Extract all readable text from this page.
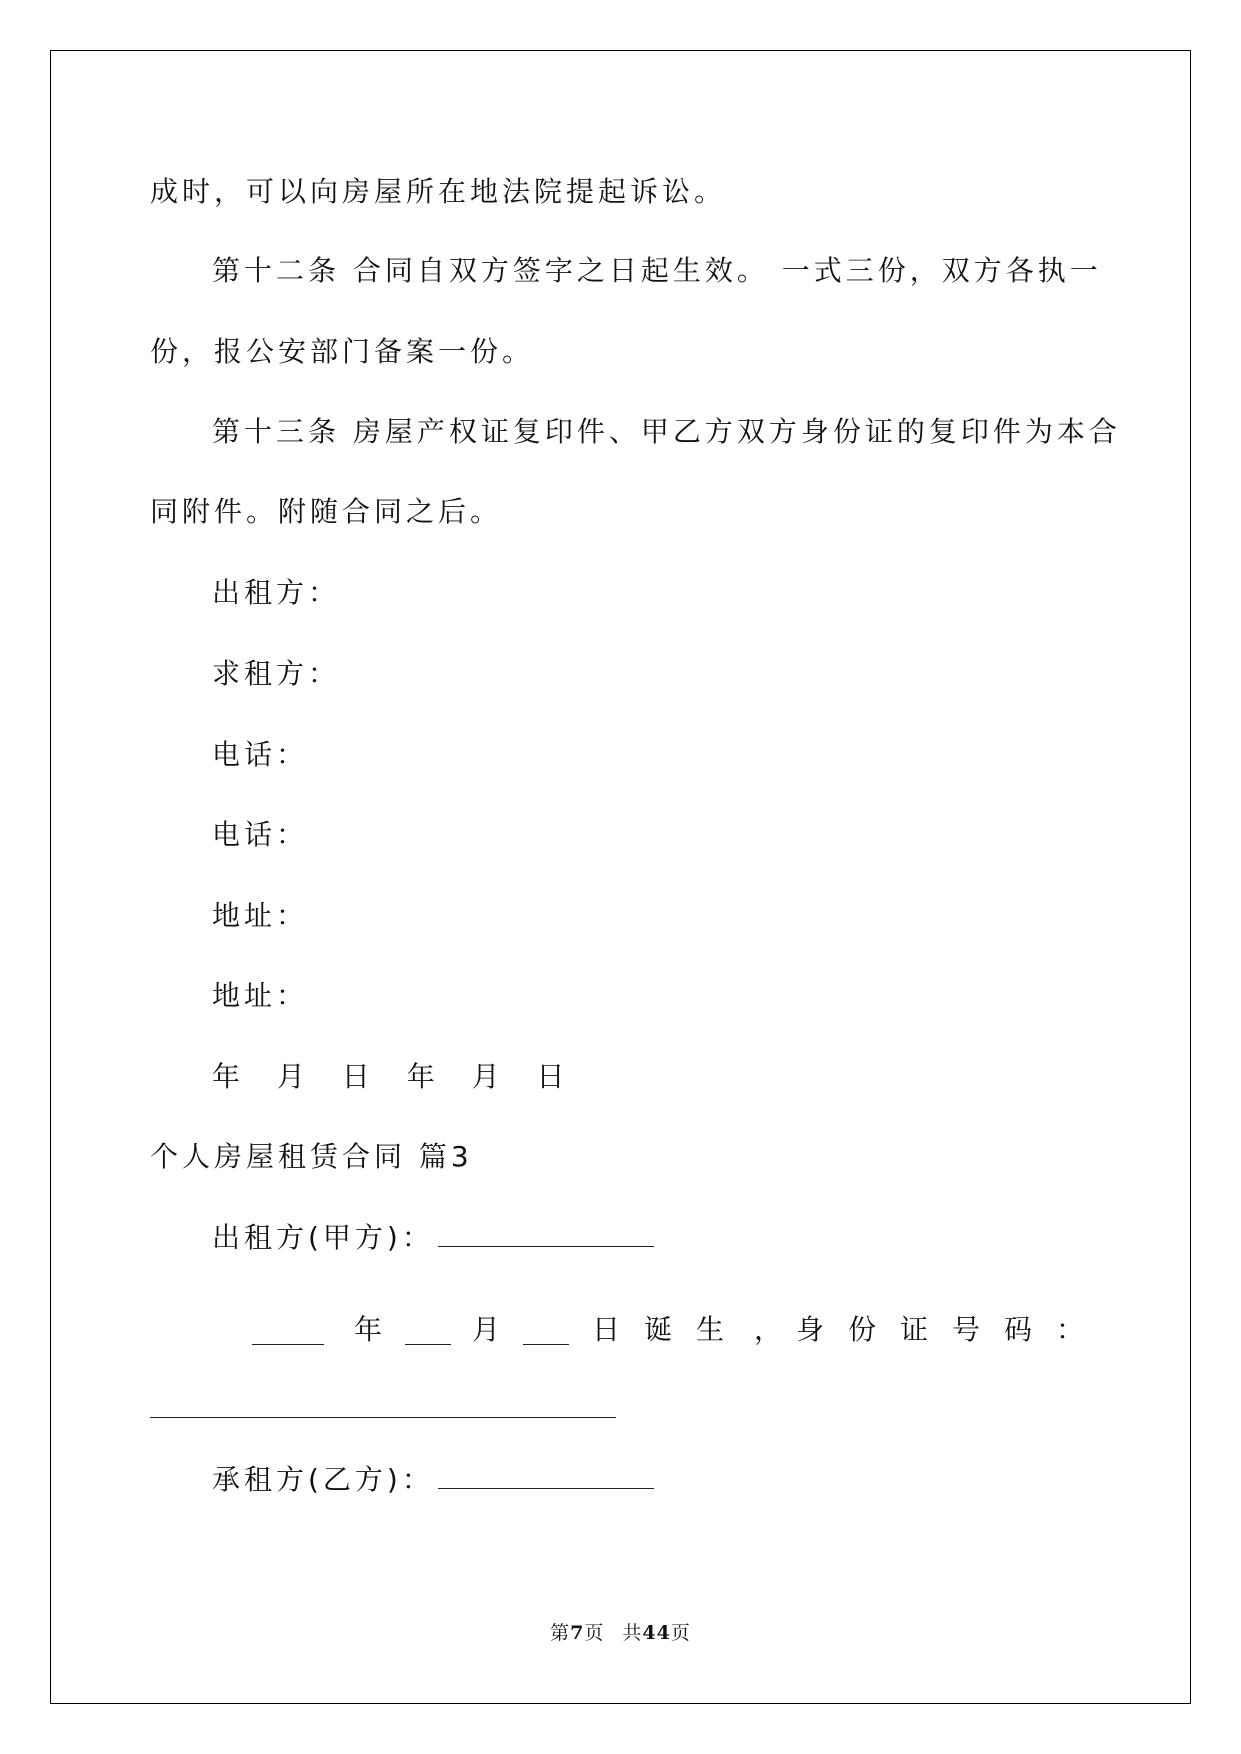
成时，可以向房屋所在地法院提起诉讼。

第十二条 合同自双方签字之日起生效。 一式三份，双方各执一

份，报公安部门备案一份。

第十三条 房屋产权证复印件、甲乙方双方身份证的复印件为本合

同附件。附随合同之后。

出租方：

求租方：

电话：

电话：

地址：

地址：

年 月 日 年 月 日

个人房屋租赁合同 篇3

出租方(甲方)：

年	月	日 诞 生 ， 身 份 证 号 码 ：

承租方(乙方)：

第7页 共44页
